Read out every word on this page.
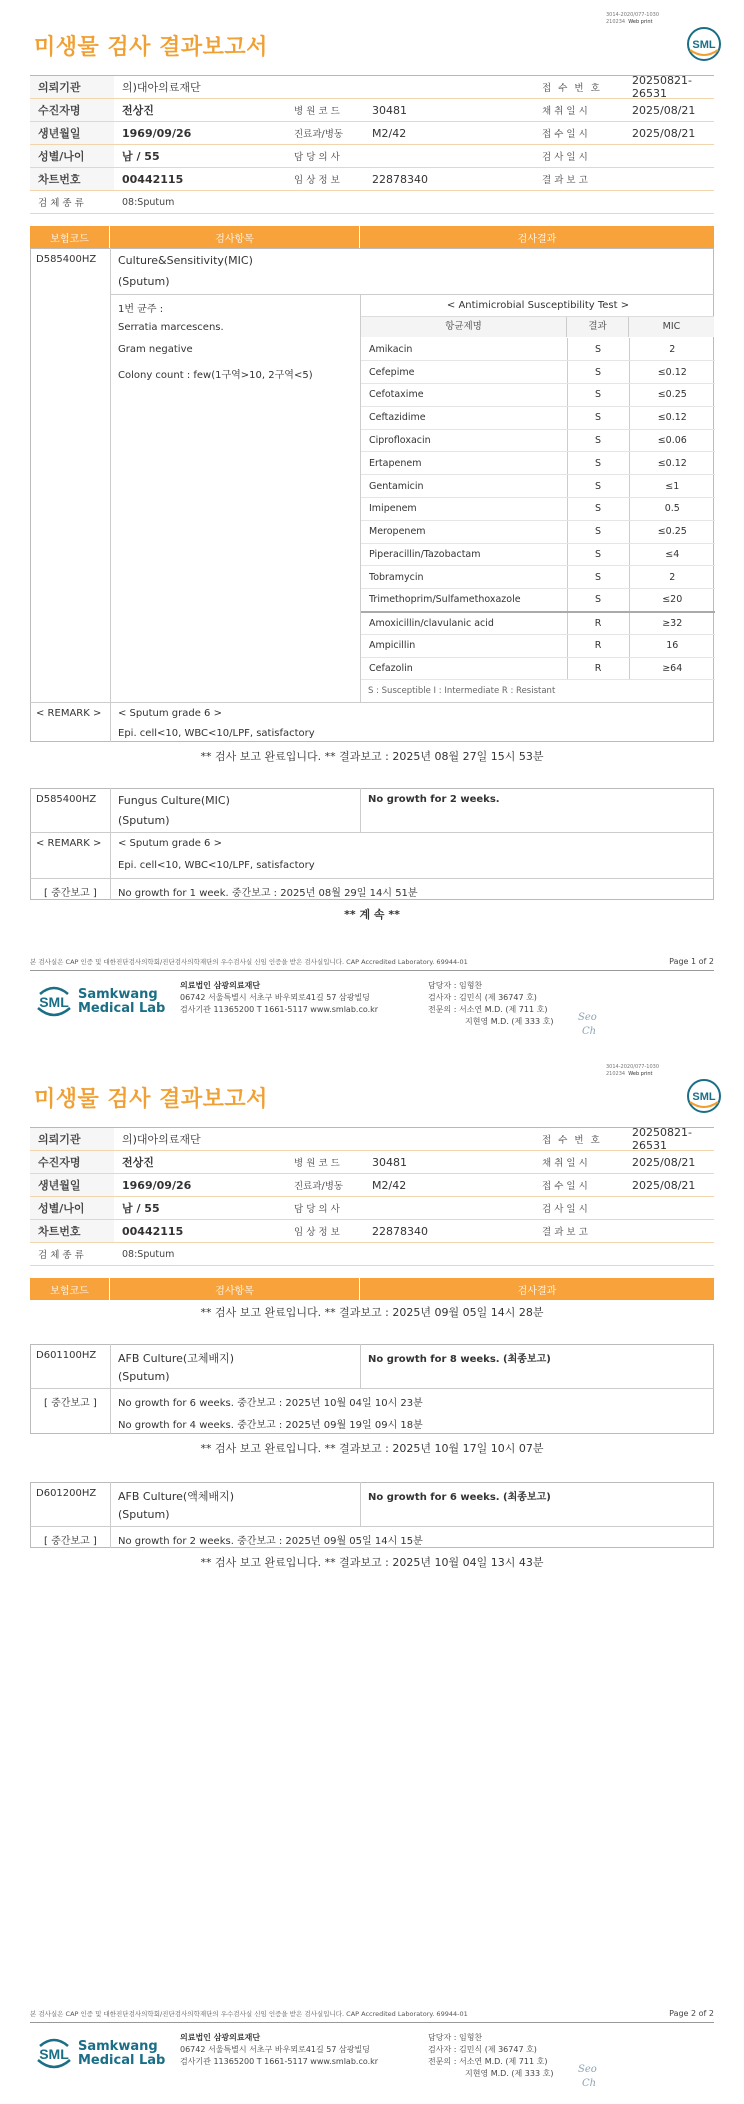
3014-2020/077-1030
210234 Web print
SML
미생물 검사 결과보고서
의뢰기관	의)대아의료재단	접 수 번 호
20250821-26531
수진자명	전상진	병 원 코 드	30481	채 취 일 시	2025/08/21
생년월일	1969/09/26	진료과/병동	M2/42	접 수 일 시	2025/08/21
성별/나이	남 / 55	담 당 의 사	검 사 일 시
차트번호	00442115	임 상 정 보	22878340	결 과 보 고
검 체 종 류	08:Sputum
보험코드	검사항목	검사결과
D585400HZ Culture&Sensitivity(MIC)
(Sputum)
1번 균주 :
Serratia marcescens.
Gram negative
Colony count : few(1구역>10, 2구역<5)
< Antimicrobial Susceptibility Test >
항균제명	결과	MIC
Amikacin	S	2
Cefepime	S	≤0.12
Cefotaxime	S	≤0.25
Ceftazidime	S	≤0.12
Ciprofloxacin	S	≤0.06
Ertapenem	S	≤0.12
Gentamicin	S	≤1
Imipenem	S	0.5
Meropenem	S	≤0.25
Piperacillin/Tazobactam	S	≤4
Tobramycin	S	2
Trimethoprim/Sulfamethoxazole	S	≤20
Amoxicillin/clavulanic acid	R	≥32
Ampicillin	R	16
Cefazolin	R	≥64
S : Susceptible I : Intermediate R : Resistant
< REMARK > < Sputum grade 6 >
Epi. cell<10, WBC<10/LPF, satisfactory
** 검사 보고 완료입니다. ** 결과보고 : 2025년 08월 27일 15시 53분
D585400HZ Fungus Culture(MIC)
(Sputum)
No growth for 2 weeks.
< REMARK > < Sputum grade 6 >
Epi. cell<10, WBC<10/LPF, satisfactory
[ 중간보고 ] No growth for 1 week. 중간보고 : 2025년 08월 29일 14시 51분
** 계 속 **
본 검사실은 CAP 인증 및 대한진단검사의학회/진단검사의학재단의 우수검사실 신임 인증을 받은 검사실입니다. CAP Accredited Laboratory. 69944-01	Page 1 of 2
SML Samkwang
Medical Lab
의료법인 삼광의료재단
06742 서울특별시 서초구 바우뫼로41길 57 삼광빌딩
검사기관 11365200 T 1661-5117 www.smlab.co.kr
담당자 : 임형찬
검사자 : 김민식 (제 36747 호)
전문의 : 서소연 M.D. (제 711 호)
지현영 M.D. (제 333 호) Seo
Ch
3014-2020/077-1030
210234 Web print
SML
미생물 검사 결과보고서
의뢰기관	의)대아의료재단	접 수 번 호
20250821-26531
수진자명	전상진	병 원 코 드	30481	채 취 일 시	2025/08/21
생년월일	1969/09/26	진료과/병동	M2/42	접 수 일 시	2025/08/21
성별/나이	남 / 55	담 당 의 사	검 사 일 시
차트번호	00442115	임 상 정 보	22878340	결 과 보 고
검 체 종 류	08:Sputum
보험코드	검사항목	검사결과
** 검사 보고 완료입니다. ** 결과보고 : 2025년 09월 05일 14시 28분
D601100HZ AFB Culture(고체배지)
(Sputum)
No growth for 8 weeks. (최종보고)
[ 중간보고 ] No growth for 6 weeks. 중간보고 : 2025년 10월 04일 10시 23분
No growth for 4 weeks. 중간보고 : 2025년 09월 19일 09시 18분
** 검사 보고 완료입니다. ** 결과보고 : 2025년 10월 17일 10시 07분
D601200HZ AFB Culture(액체배지)
(Sputum)
No growth for 6 weeks. (최종보고)
[ 중간보고 ] No growth for 2 weeks. 중간보고 : 2025년 09월 05일 14시 15분
** 검사 보고 완료입니다. ** 결과보고 : 2025년 10월 04일 13시 43분
본 검사실은 CAP 인증 및 대한진단검사의학회/진단검사의학재단의 우수검사실 신임 인증을 받은 검사실입니다. CAP Accredited Laboratory. 69944-01	Page 2 of 2
SML Samkwang
Medical Lab
의료법인 삼광의료재단
06742 서울특별시 서초구 바우뫼로41길 57 삼광빌딩
검사기관 11365200 T 1661-5117 www.smlab.co.kr
담당자 : 임형찬
검사자 : 김민식 (제 36747 호)
전문의 : 서소연 M.D. (제 711 호)
지현영 M.D. (제 333 호) Seo
Ch
